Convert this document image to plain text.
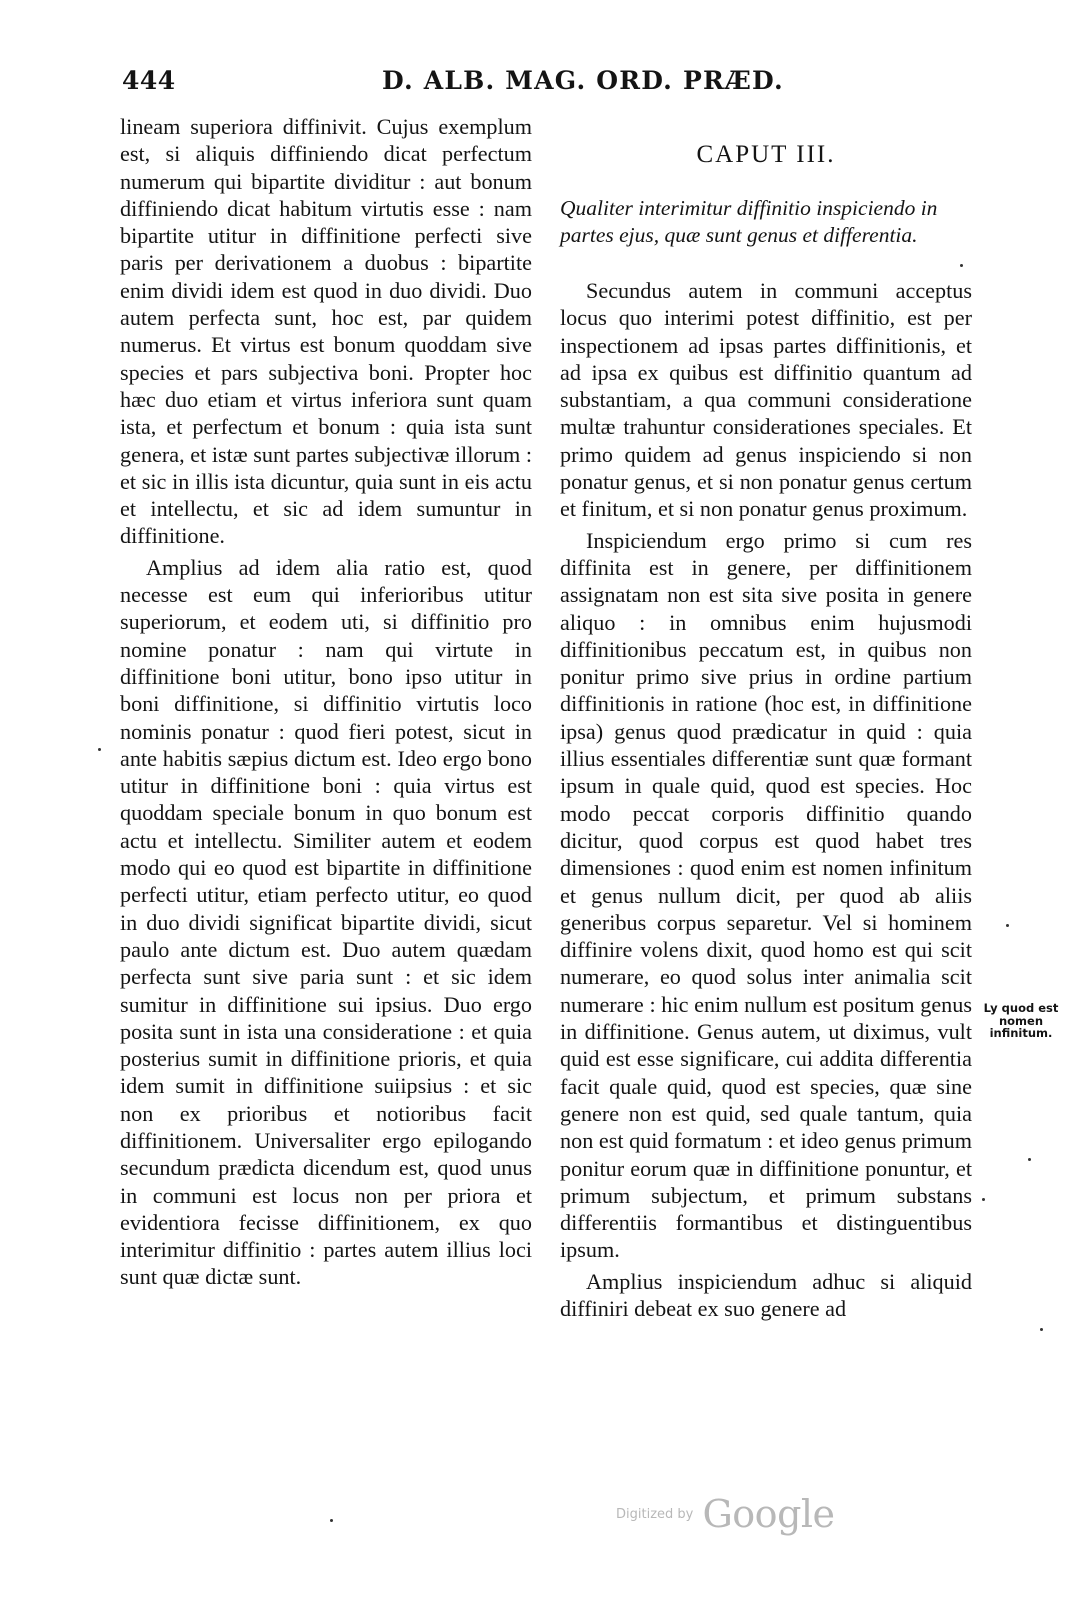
444	D. ALB. MAG. ORD. PRÆD.

lineam superiora diffinivit. Cujus exemplum est, si aliquis diffiniendo dicat perfectum numerum qui bipartite dividitur : aut bonum diffiniendo dicat habitum virtutis esse : nam bipartite utitur in diffinitione perfecti sive paris per derivationem a duobus : bipartite enim dividi idem est quod in duo dividi. Duo autem perfecta sunt, hoc est, par quidem numerus. Et virtus est bonum quoddam sive species et pars subjectiva boni. Propter hoc hæc duo etiam et virtus inferiora sunt quam ista, et perfectum et bonum : quia ista sunt genera, et istæ sunt partes subjectivæ illorum : et sic in illis ista dicuntur, quia sunt in eis actu et intellectu, et sic ad idem sumuntur in diffinitione.

Amplius ad idem alia ratio est, quod necesse est eum qui inferioribus utitur superiorum, et eodem uti, si diffinitio pro nomine ponatur : nam qui virtute in diffinitione boni utitur, bono ipso utitur in boni diffinitione, si diffinitio virtutis loco nominis ponatur : quod fieri potest, sicut in ante habitis sæpius dictum est. Ideo ergo bono utitur in diffinitione boni : quia virtus est quoddam speciale bonum in quo bonum est actu et intellectu. Similiter autem et eodem modo qui eo quod est bipartite in diffinitione perfecti utitur, etiam perfecto utitur, eo quod in duo dividi significat bipartite dividi, sicut paulo ante dictum est. Duo autem quædam perfecta sunt sive paria sunt : et sic idem sumitur in diffinitione sui ipsius. Duo ergo posita sunt in ista una consideratione : et quia posterius sumit in diffinitione prioris, et quia idem sumit in diffinitione suiipsius : et sic non ex prioribus et notioribus facit diffinitionem. Universaliter ergo epilogando secundum prædicta dicendum est, quod unus in communi est locus non per priora et evidentiora fecisse diffinitionem, ex quo interimitur diffinitio : partes autem illius loci sunt quæ dictæ sunt.

CAPUT III.
Qualiter interimitur diffinitio inspiciendo in partes ejus, quæ sunt genus et differentia.

Secundus autem in communi acceptus locus quo interimi potest diffinitio, est per inspectionem ad ipsas partes diffinitionis, et ad ipsa ex quibus est diffinitio quantum ad substantiam, a qua communi consideratione multæ trahuntur considerationes speciales. Et primo quidem ad genus inspiciendo si non ponatur genus, et si non ponatur genus certum et finitum, et si non ponatur genus proximum.

Inspiciendum ergo primo si cum res diffinita est in genere, per diffinitionem assignatam non est sita sive posita in genere aliquo : in omnibus enim hujusmodi diffinitionibus peccatum est, in quibus non ponitur primo sive prius in ordine partium diffinitionis in ratione (hoc est, in diffinitione ipsa) genus quod prædicatur in quid : quia illius essentiales differentiæ sunt quæ formant ipsum in quale quid, quod est species. Hoc modo peccat corporis diffinitio quando dicitur, quod corpus est quod habet tres dimensiones : quod enim est nomen infinitum et genus nullum dicit, per quod ab aliis generibus corpus separetur. Vel si hominem diffinire volens dixit, quod homo est qui scit numerare, eo quod solus inter animalia scit numerare : hic enim nullum est positum genus in diffinitione. Genus autem, ut diximus, vult quid est esse significare, cui addita differentia facit quale quid, quod est species, quæ sine genere non est quid, sed quale tantum, quia non est quid formatum : et ideo genus primum ponitur eorum quæ in diffinitione ponuntur, et primum subjectum, et primum substans differentiis formantibus et distinguentibus ipsum.

Amplius inspiciendum adhuc si aliquid diffiniri debeat ex suo genere ad

Ly quod est
nomen infinitum.
Digitized by Google
